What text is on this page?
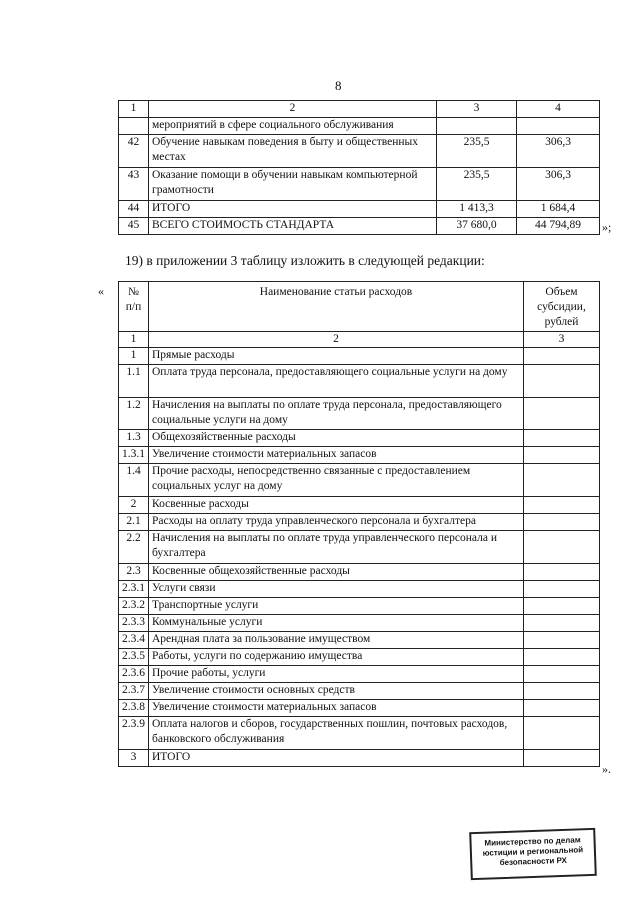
8
1	2	3	4
	мероприятий в сфере социального обслуживания		
42	Обучение навыкам поведения в быту и общественных местах	235,5	306,3
43	Оказание помощи в обучении навыкам компьютерной грамотности	235,5	306,3
44	ИТОГО	1 413,3	1 684,4
45	ВСЕГО СТОИМОСТЬ СТАНДАРТА	37 680,0	44 794,89 »;
19) в приложении 3 таблицу изложить в следующей редакции:
« № п/п	Наименование статьи расходов	Объем субсидии, рублей
1	2	3
1	Прямые расходы	
1.1	Оплата труда персонала, предоставляющего социальные услуги на дому	
1.2	Начисления на выплаты по оплате труда персонала, предоставляющего социальные услуги на дому	
1.3	Общехозяйственные расходы	
1.3.1	Увеличение стоимости материальных запасов	
1.4	Прочие расходы, непосредственно связанные с предоставлением социальных услуг на дому	
2	Косвенные расходы	
2.1	Расходы на оплату труда управленческого персонала и бухгалтера	
2.2	Начисления на выплаты по оплате труда управленческого персонала и бухгалтера	
2.3	Косвенные общехозяйственные расходы	
2.3.1	Услуги связи	
2.3.2	Транспортные услуги	
2.3.3	Коммунальные услуги	
2.3.4	Арендная плата за пользование имуществом	
2.3.5	Работы, услуги по содержанию имущества	
2.3.6	Прочие работы, услуги	
2.3.7	Увеличение стоимости основных средств	
2.3.8	Увеличение стоимости материальных запасов	
2.3.9	Оплата налогов и сборов, государственных пошлин, почтовых расходов, банковского обслуживания	
3	ИТОГО	
».
Министерство по делам
юстиции и региональной
безопасности РХ
